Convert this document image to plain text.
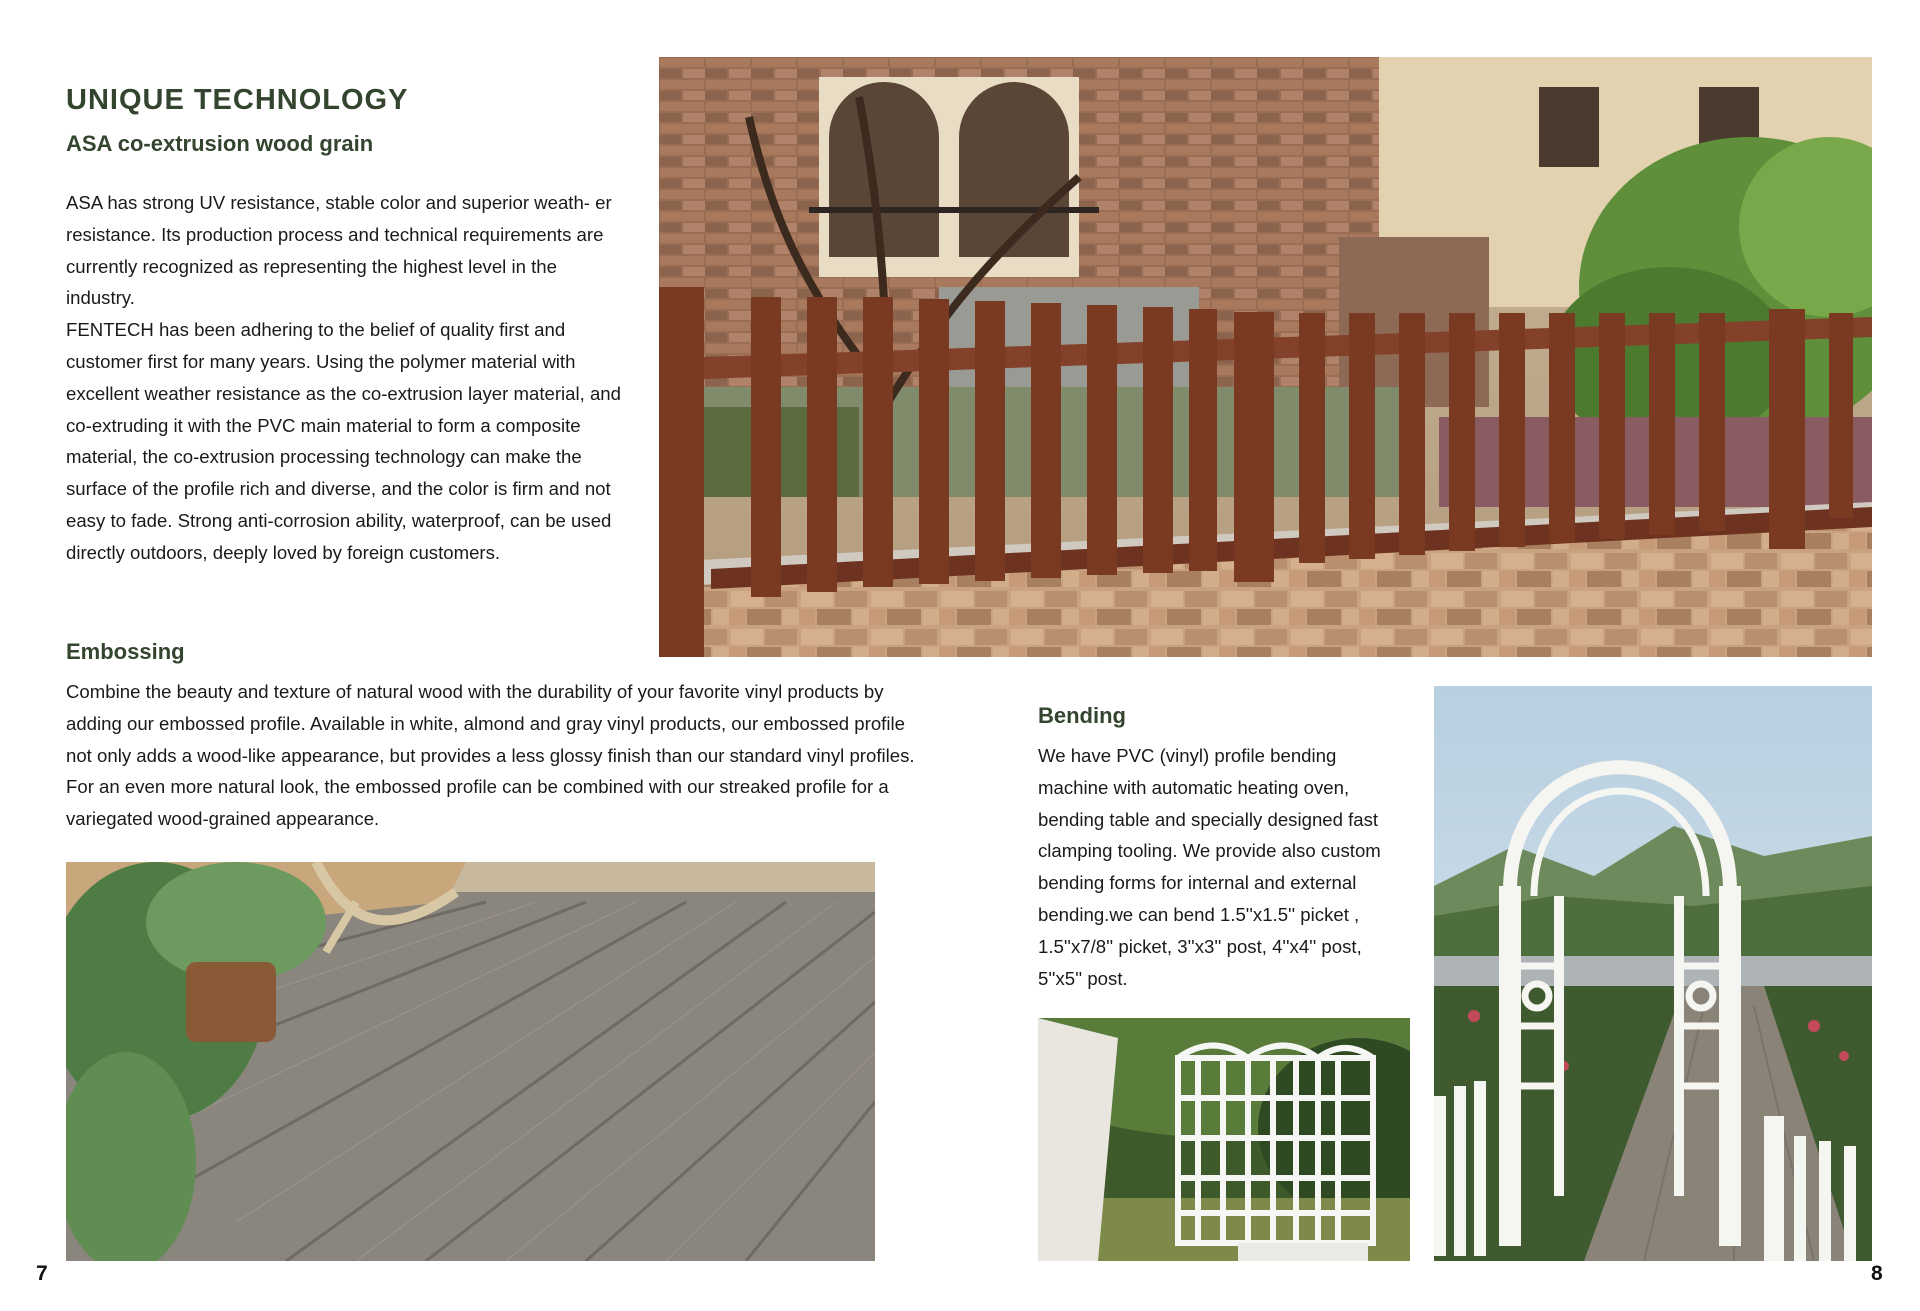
UNIQUE TECHNOLOGY
ASA co-extrusion wood grain

ASA has strong UV resistance, stable color and superior weath- er resistance. Its production process and technical requirements are currently recognized as representing the highest level in the industry.

FENTECH has been adhering to the belief of quality first and customer first for many years. Using the polymer material with excellent weather resistance as the co-extrusion layer material, and co-extruding it with the PVC main material to form a composite material, the co-extrusion processing technology can make the surface of the profile rich and diverse, and the color is firm and not easy to fade. Strong anti-corrosion ability, waterproof, can be used directly outdoors, deeply loved by foreign customers.

Embossing
Combine the beauty and texture of natural wood with the durability of your favorite vinyl products by adding our embossed profile. Available in white, almond and gray vinyl products, our embossed profile not only adds a wood-like appearance, but provides a less glossy finish than our standard vinyl profiles. For an even more natural look, the embossed profile can be combined with our streaked profile for a variegated wood-grained appearance.
7
Bending
We have PVC (vinyl) profile bending machine with automatic heating oven, bending table and specially designed fast clamping tooling. We provide also custom bending forms for internal and external bending.we can bend 1.5''x1.5'' picket , 1.5''x7/8'' picket, 3''x3'' post, 4''x4'' post, 5''x5'' post.
8
